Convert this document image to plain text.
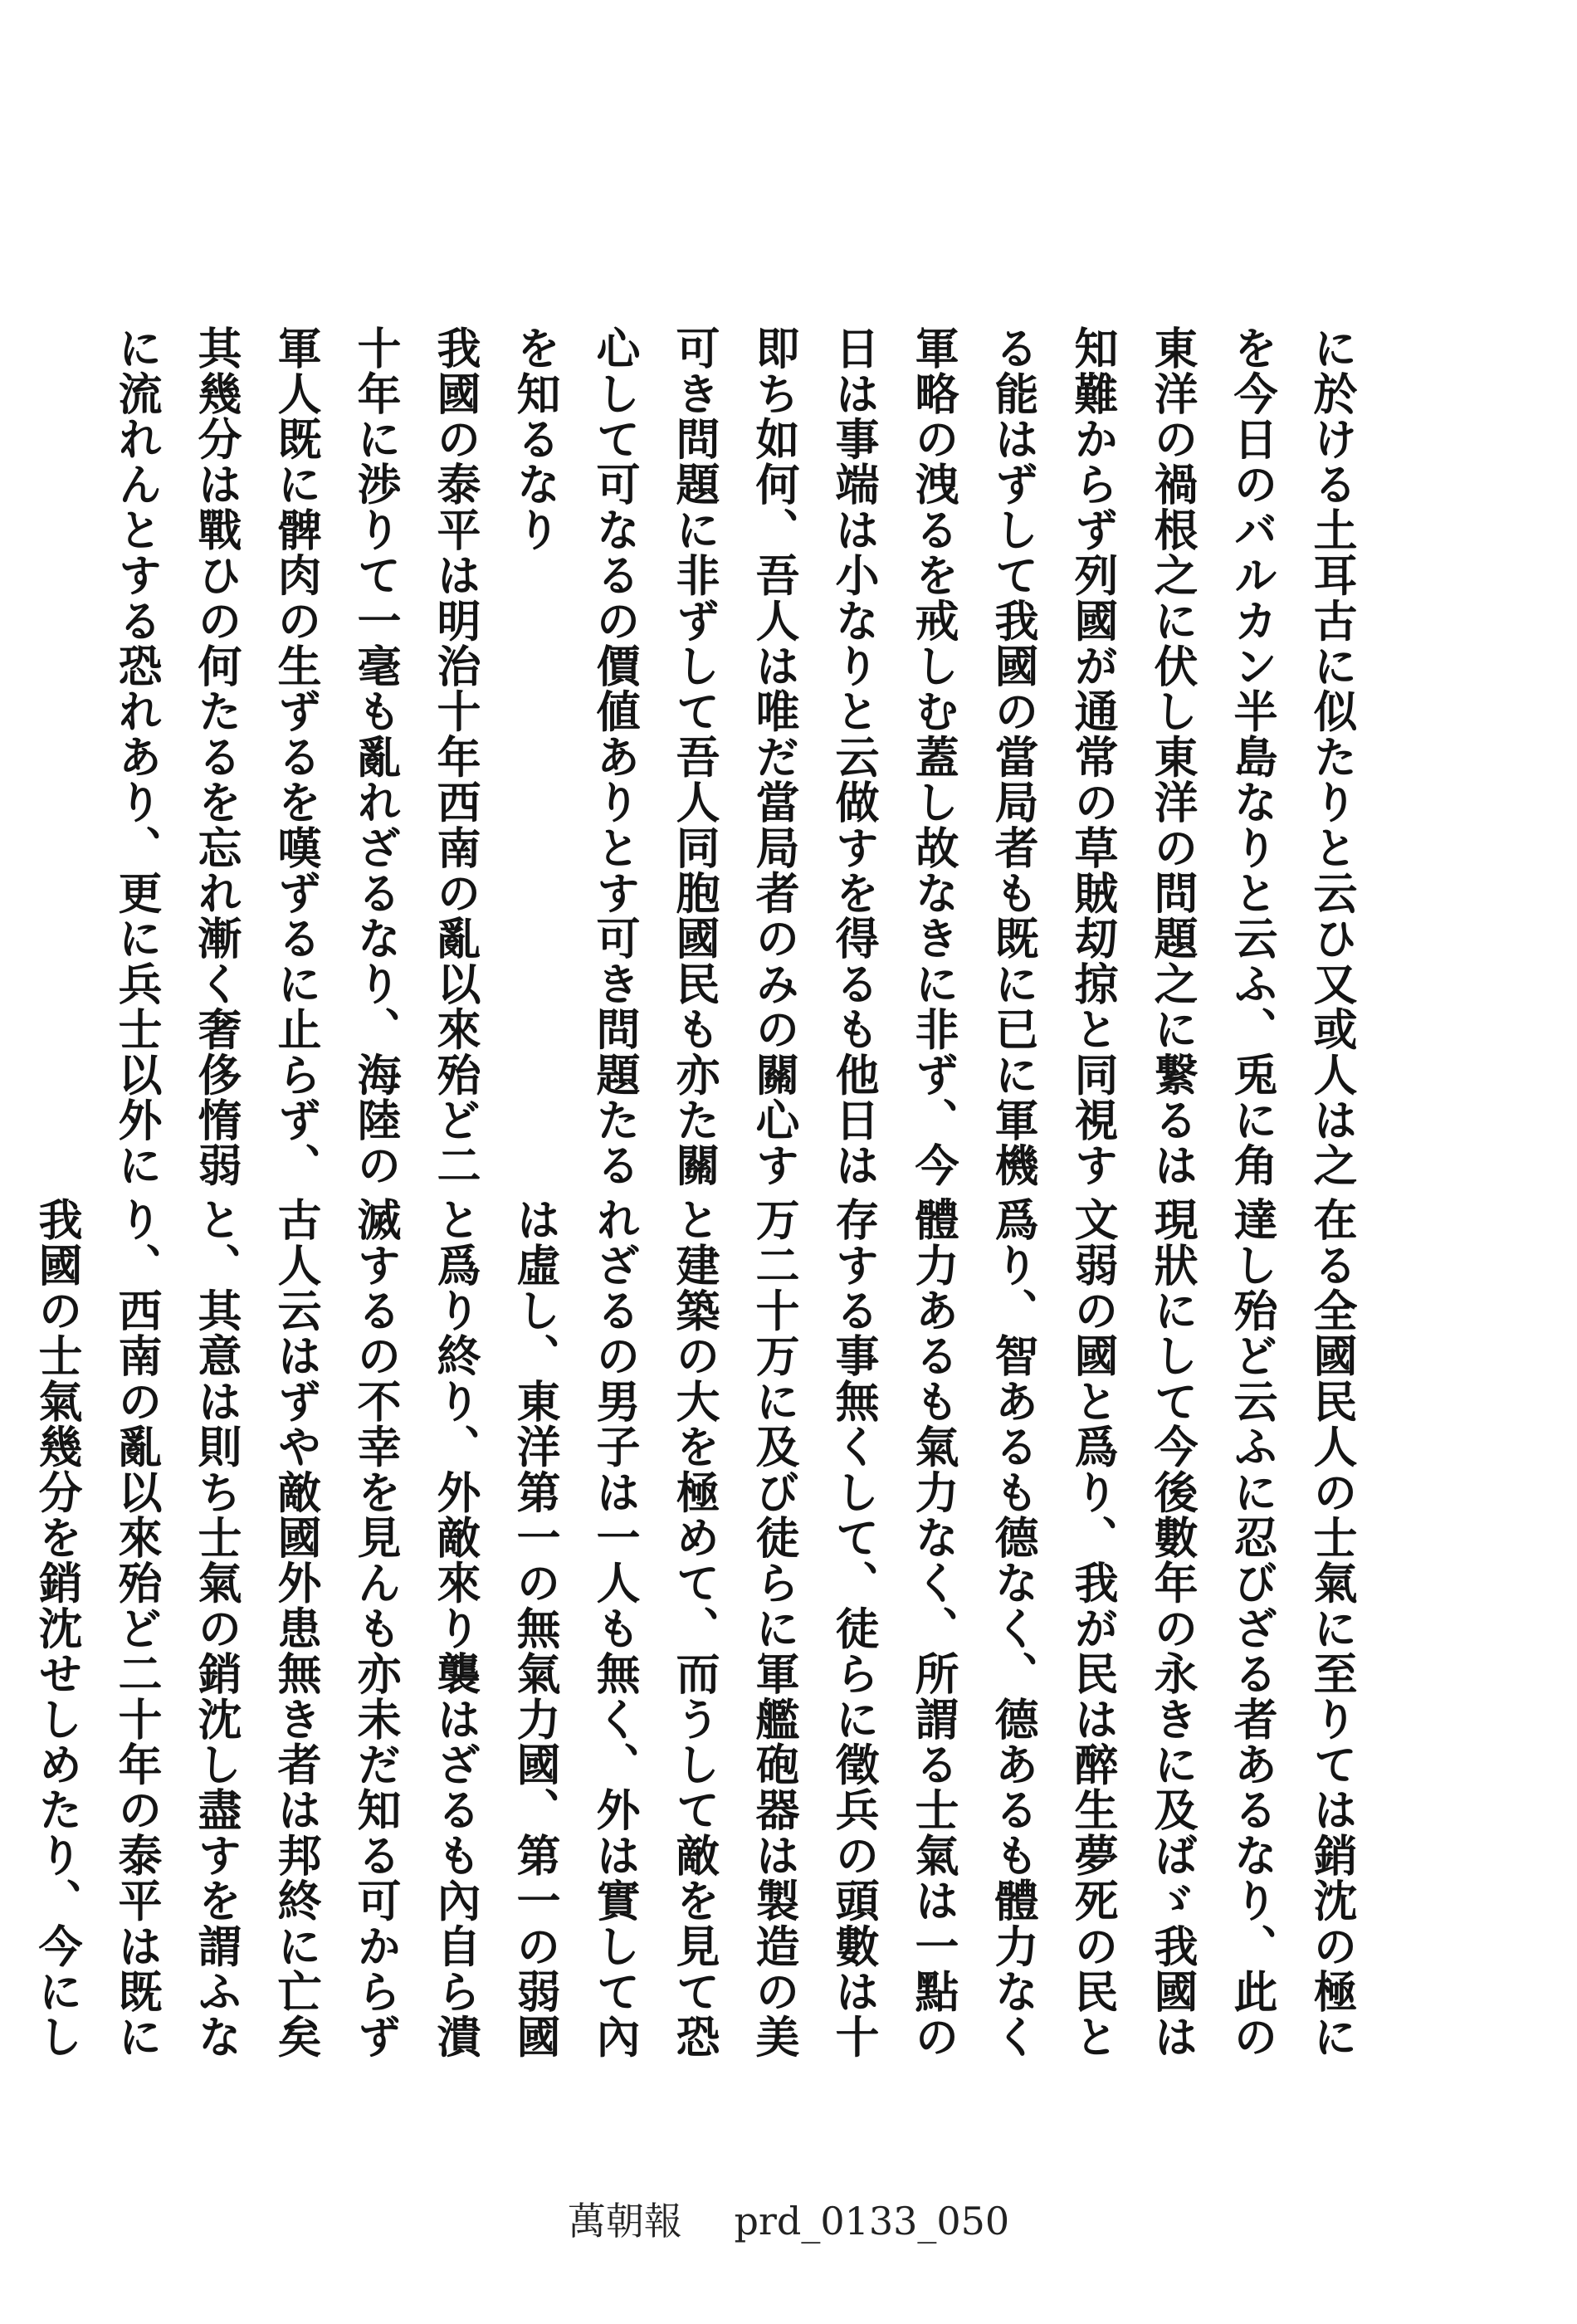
に於ける土耳古に似たりと云ひ又或人は之
を今日のバルカン半島なりと云ふ、兎に角
東洋の禍根之に伏し東洋の問題之に繋るは
知難からず列國が通常の草賊刧掠と同視す
る能はずして我國の當局者も既に已に軍機
軍略の洩るを戒しむ蓋し故なきに非ず、今
日は事端は小なりと云做すを得るも他日は
即ち如何、吾人は唯だ當局者のみの關心す
可き問題に非ずして吾人同胞國民も亦た關
心して可なるの價値ありとす可き問題たる
を知るなり
我國の泰平は明治十年西南の亂以來殆ど二
十年に渉りて一毫も亂れざるなり、海陸の
軍人既に髀肉の生ずるを嘆ずるに止らず、
其幾分は戰ひの何たるを忘れ漸く奢侈惰弱
に流れんとする恐れあり、更に兵士以外に
在る全國民人の士氣に至りては銷沈の極に
達し殆ど云ふに忍びざる者あるなり、此の
現狀にして今後數年の永きに及ばゞ我國は
文弱の國と爲り、我が民は醉生夢死の民と
爲り、智あるも德なく、德あるも體力なく
體力あるも氣力なく、所謂る士氣は一點の
存する事無くして、徒らに徵兵の頭數は十
万二十万に及び徒らに軍艦砲器は製造の美
と建築の大を極めて、而うして敵を見て恐
れざるの男子は一人も無く、外は實して內
は虛し、東洋第一の無氣力國、第一の弱國
と爲り終り、外敵來り襲はざるも內自ら潰
滅するの不幸を見んも亦未だ知る可からず
古人云はずや敵國外患無き者は邦終に亡矣
と、其意は則ち士氣の銷沈し盡すを謂ふな
り、西南の亂以來殆ど二十年の泰平は既に
我國の士氣幾分を銷沈せしめたり、今にし
萬朝報 prd_0133_050
